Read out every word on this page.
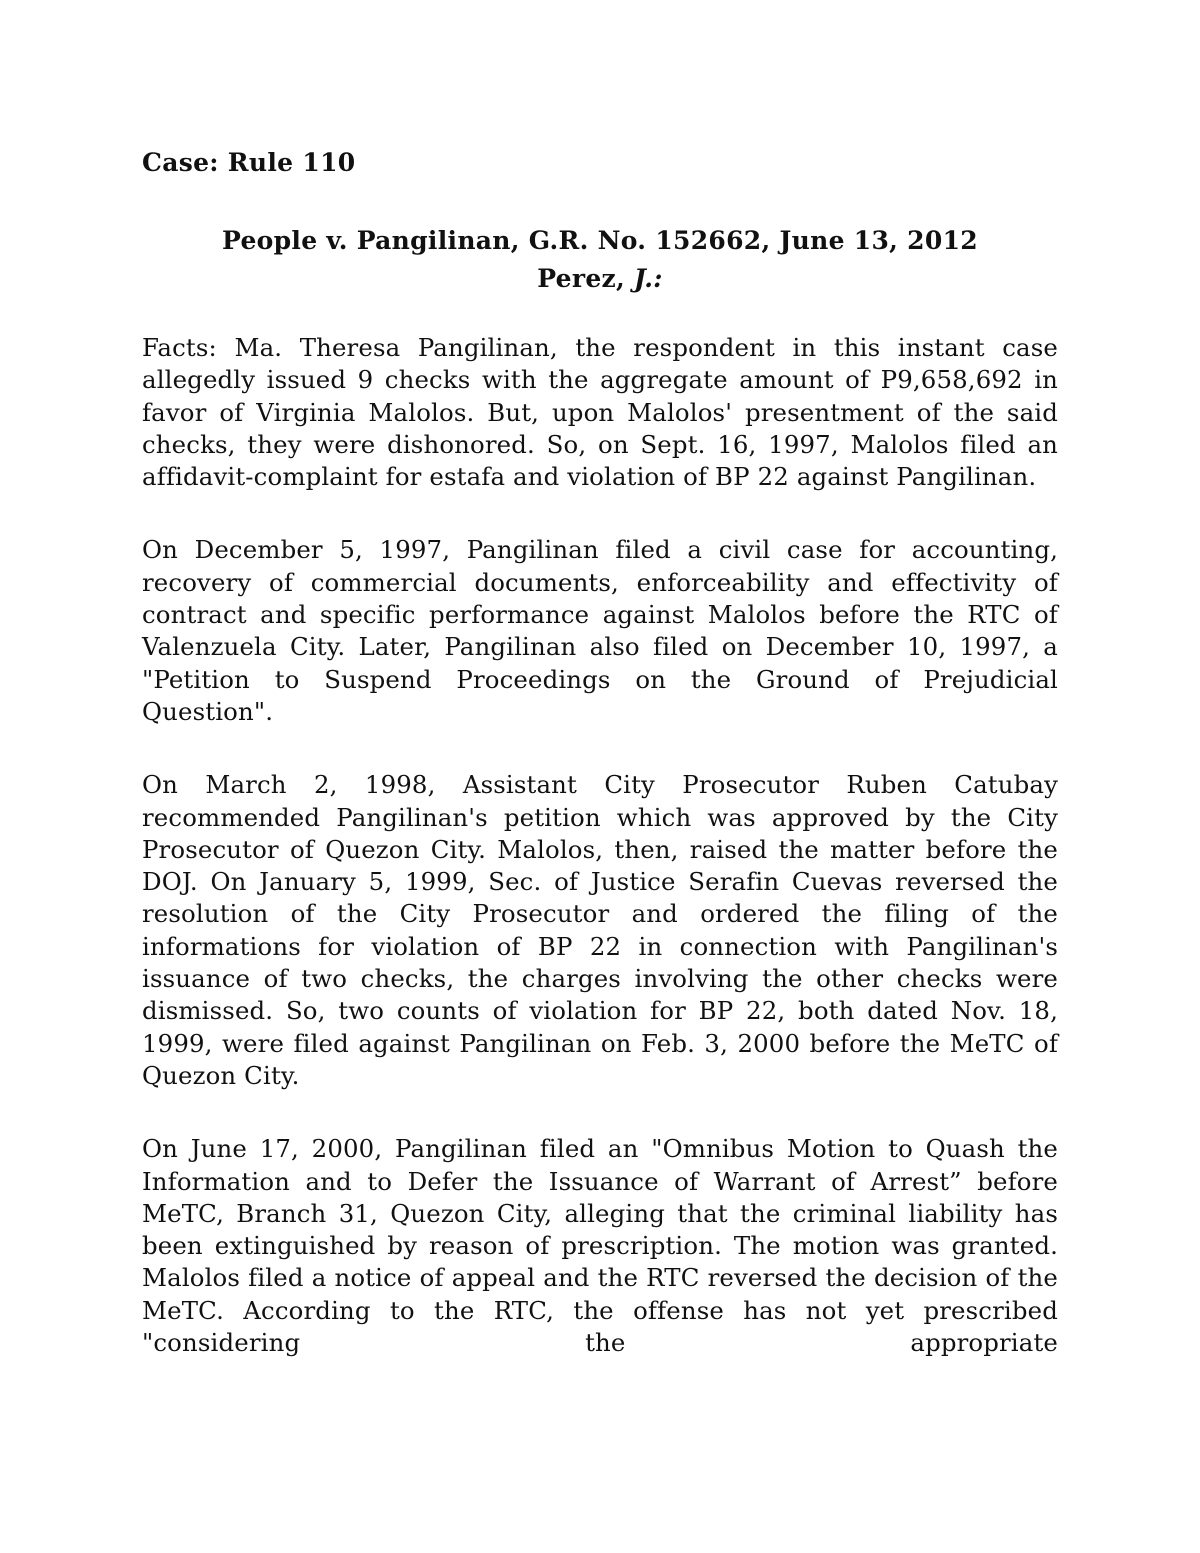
Case: Rule 110

People v. Pangilinan, G.R. No. 152662, June 13, 2012
Perez, J.:

Facts: Ma. Theresa Pangilinan, the respondent in this instant case allegedly issued 9 checks with the aggregate amount of P9,658,692 in favor of Virginia Malolos. But, upon Malolos' presentment of the said checks, they were dishonored. So, on Sept. 16, 1997, Malolos filed an affidavit-complaint for estafa and violation of BP 22 against Pangilinan.

On December 5, 1997, Pangilinan filed a civil case for accounting, recovery of commercial documents, enforceability and effectivity of contract and specific performance against Malolos before the RTC of Valenzuela City. Later, Pangilinan also filed on December 10, 1997, a "Petition to Suspend Proceedings on the Ground of Prejudicial Question".

On March 2, 1998, Assistant City Prosecutor Ruben Catubay recommended Pangilinan's petition which was approved by the City Prosecutor of Quezon City. Malolos, then, raised the matter before the DOJ. On January 5, 1999, Sec. of Justice Serafin Cuevas reversed the resolution of the City Prosecutor and ordered the filing of the informations for violation of BP 22 in connection with Pangilinan's issuance of two checks, the charges involving the other checks were dismissed. So, two counts of violation for BP 22, both dated Nov. 18, 1999, were filed against Pangilinan on Feb. 3, 2000 before the MeTC of Quezon City.

On June 17, 2000, Pangilinan filed an "Omnibus Motion to Quash the Information and to Defer the Issuance of Warrant of Arrest” before MeTC, Branch 31, Quezon City, alleging that the criminal liability has been extinguished by reason of prescription. The motion was granted. Malolos filed a notice of appeal and the RTC reversed the decision of the MeTC. According to the RTC, the offense has not yet prescribed "considering the appropriate
